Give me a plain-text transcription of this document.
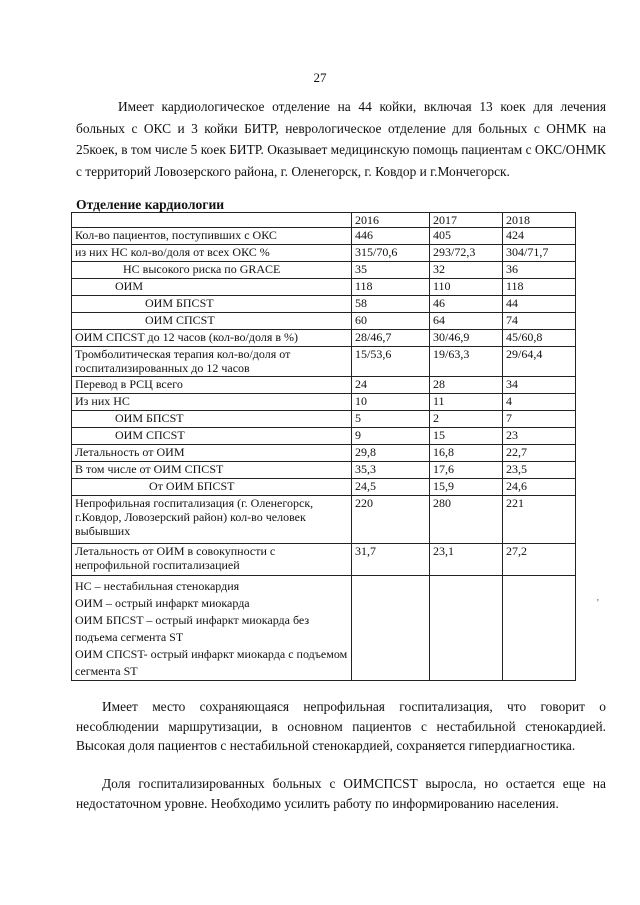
27
Имеет кардиологическое отделение на 44 койки, включая 13 коек для лечения больных с ОКС и 3 койки БИТР, неврологическое отделение для больных с ОНМК на 25коек, в том числе 5 коек БИТР. Оказывает медицинскую помощь пациентам с ОКС/ОНМК с территорий Ловозерского района, г. Оленегорск, г. Ковдор и г.Мончегорск.
Отделение кардиологии
	2016	2017	2018
Кол-во пациентов, поступивших с ОКС	446	405	424
из них НС кол-во/доля от всех ОКС %	315/70,6	293/72,3	304/71,7
НС высокого риска по GRACE	35	32	36
ОИМ	118	110	118
ОИМ БПСST	58	46	44
ОИМ СПСST	60	64	74
ОИМ СПСST до 12 часов (кол-во/доля в %)	28/46,7	30/46,9	45/60,8
Тромболитическая терапия кол-во/доля от госпитализированных до 12 часов	15/53,6	19/63,3	29/64,4
Перевод в РСЦ всего	24	28	34
Из них НС	10	11	4
ОИМ БПСST	5	2	7
ОИМ СПСST	9	15	23
Летальность от ОИМ	29,8	16,8	22,7
В том числе от ОИМ СПСST	35,3	17,6	23,5
От ОИМ БПСST	24,5	15,9	24,6
Непрофильная госпитализация (г. Оленегорск, г.Ковдор, Ловозерский район) кол-во человек выбывших	220	280	221
Летальность от ОИМ в совокупности с непрофильной госпитализацией	31,7	23,1	27,2

НС – нестабильная стенокардия
ОИМ – острый инфаркт миокарда
ОИМ БПСST – острый инфаркт миокарда без подъема сегмента ST
ОИМ СПСST- острый инфаркт миокарда с подъемом сегмента ST			

Имеет место сохраняющаяся непрофильная госпитализация, что говорит о несоблюдении маршрутизации, в основном пациентов с нестабильной стенокардией. Высокая доля пациентов с нестабильной стенокардией, сохраняется гипердиагностика.
Доля госпитализированных больных с ОИМСПСST выросла, но остается еще на недостаточном уровне. Необходимо усилить работу по информированию населения.
'
